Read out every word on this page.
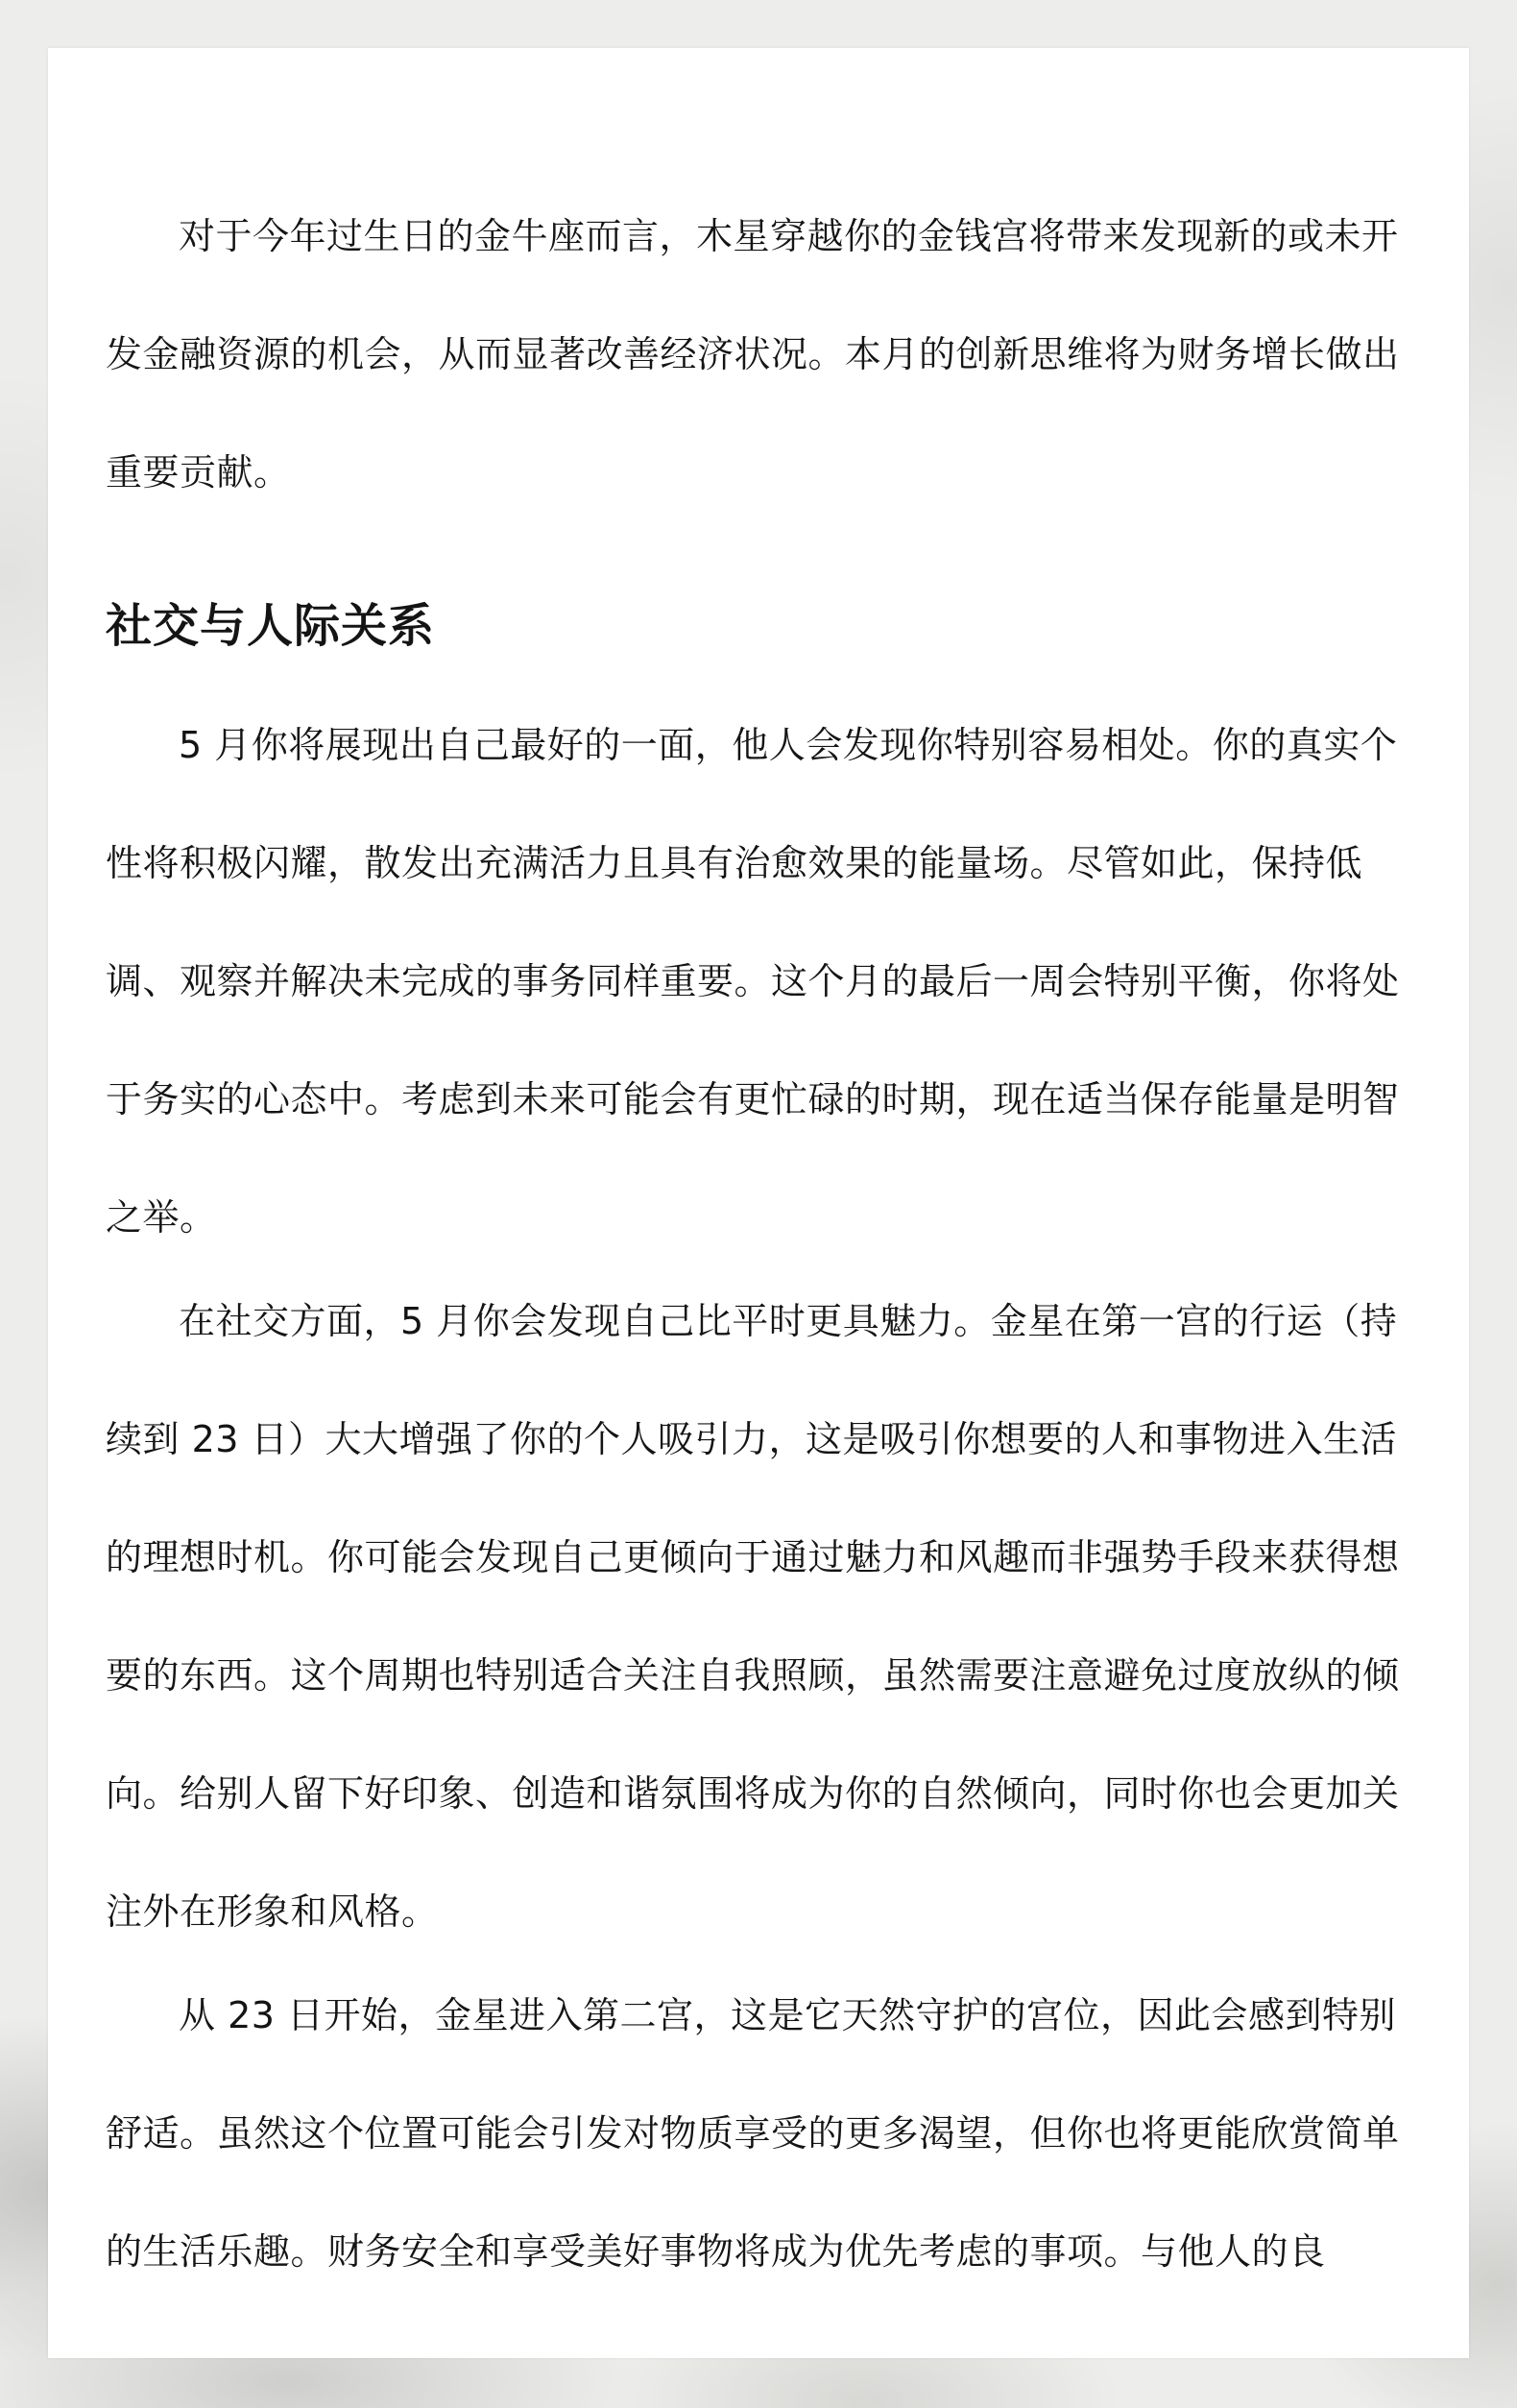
对于今年过生日的金牛座而言，木星穿越你的金钱宫将带来发现新的或未开发金融资源的机会，从而显著改善经济状况。本月的创新思维将为财务增长做出重要贡献。

社交与人际关系

5 月你将展现出自己最好的一面，他人会发现你特别容易相处。你的真实个性将积极闪耀，散发出充满活力且具有治愈效果的能量场。尽管如此，保持低调、观察并解决未完成的事务同样重要。这个月的最后一周会特别平衡，你将处于务实的心态中。考虑到未来可能会有更忙碌的时期，现在适当保存能量是明智之举。

在社交方面，5 月你会发现自己比平时更具魅力。金星在第一宫的行运（持续到 23 日）大大增强了你的个人吸引力，这是吸引你想要的人和事物进入生活的理想时机。你可能会发现自己更倾向于通过魅力和风趣而非强势手段来获得想要的东西。这个周期也特别适合关注自我照顾，虽然需要注意避免过度放纵的倾向。给别人留下好印象、创造和谐氛围将成为你的自然倾向，同时你也会更加关注外在形象和风格。

从 23 日开始，金星进入第二宫，这是它天然守护的宫位，因此会感到特别舒适。虽然这个位置可能会引发对物质享受的更多渴望，但你也将更能欣赏简单的生活乐趣。财务安全和享受美好事物将成为优先考虑的事项。与他人的良
